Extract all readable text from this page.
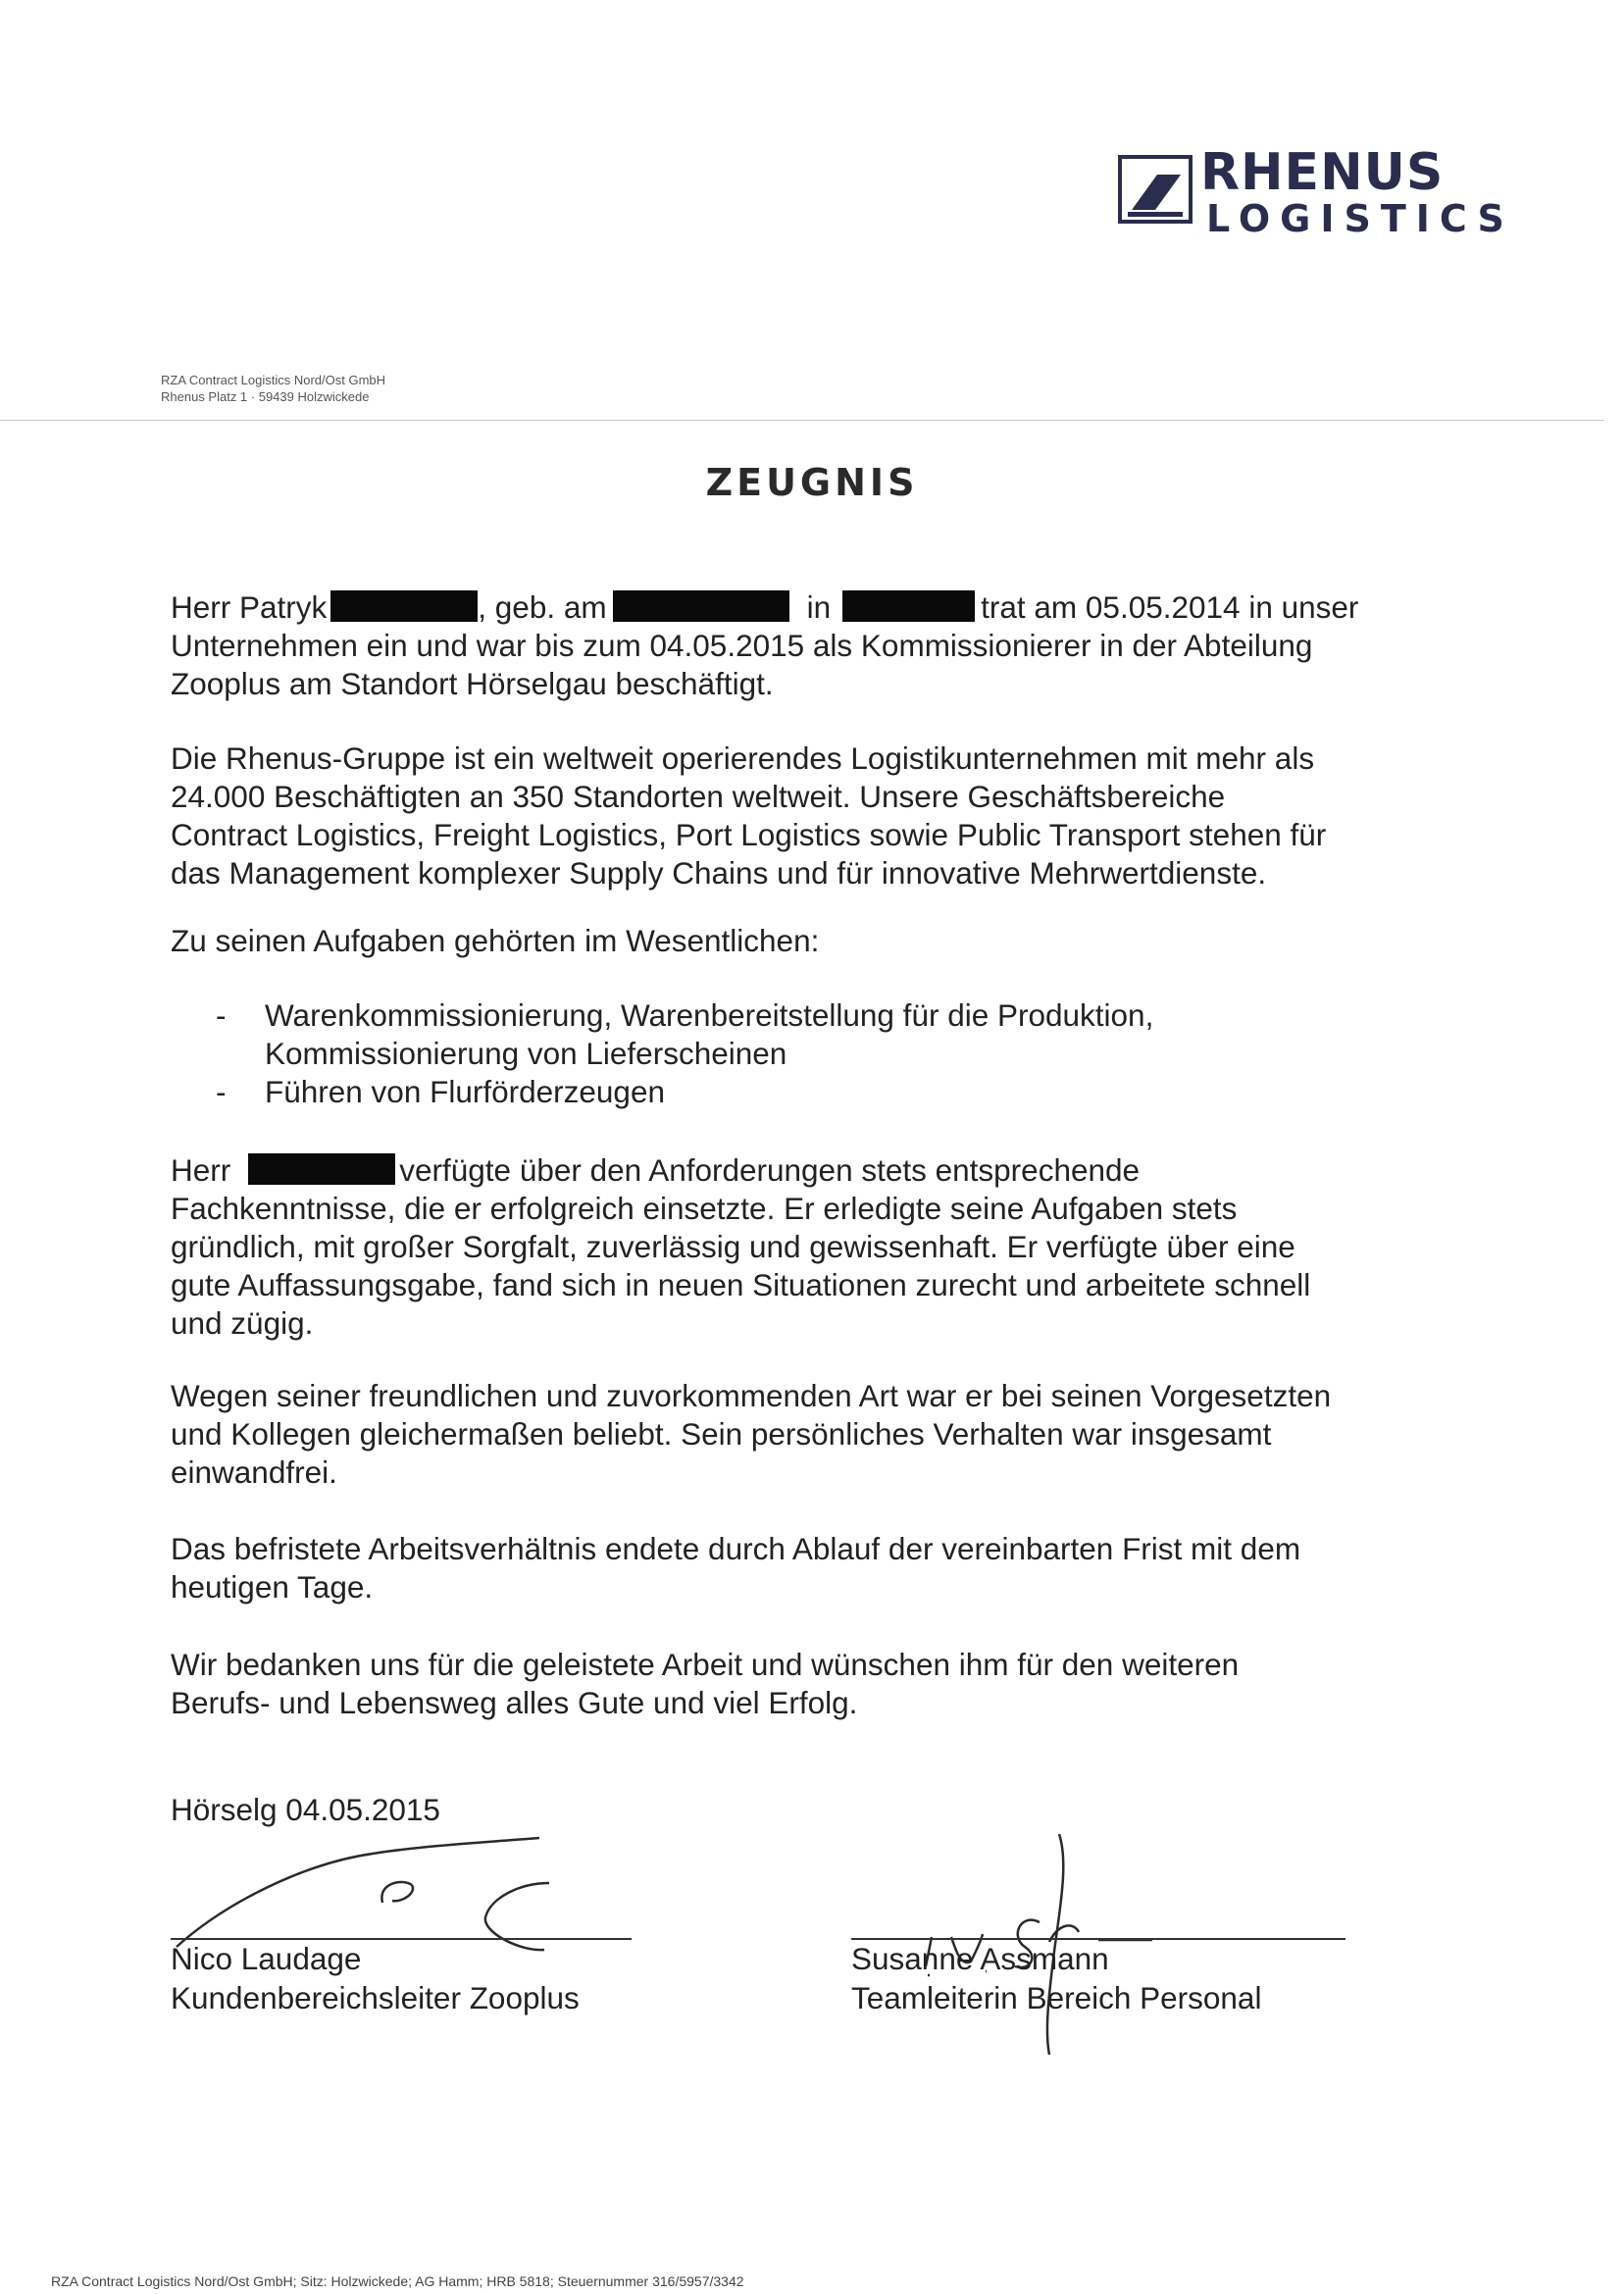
RHENUS
LOGISTICS
RZA Contract Logistics Nord/Ost GmbH
Rhenus Platz 1 · 59439 Holzwickede
ZEUGNIS
Herr Patryk	, geb. am	in	trat am 05.05.2014 in unser
Unternehmen ein und war bis zum 04.05.2015 als Kommissionierer in der Abteilung
Zooplus am Standort Hörselgau beschäftigt.
Die Rhenus-Gruppe ist ein weltweit operierendes Logistikunternehmen mit mehr als
24.000 Beschäftigten an 350 Standorten weltweit. Unsere Geschäftsbereiche
Contract Logistics, Freight Logistics, Port Logistics sowie Public Transport stehen für
das Management komplexer Supply Chains und für innovative Mehrwertdienste.
Zu seinen Aufgaben gehörten im Wesentlichen:
- Warenkommissionierung, Warenbereitstellung für die Produktion,
Kommissionierung von Lieferscheinen
- Führen von Flurförderzeugen
Herr	verfügte über den Anforderungen stets entsprechende
Fachkenntnisse, die er erfolgreich einsetzte. Er erledigte seine Aufgaben stets
gründlich, mit großer Sorgfalt, zuverlässig und gewissenhaft. Er verfügte über eine
gute Auffassungsgabe, fand sich in neuen Situationen zurecht und arbeitete schnell
und zügig.
Wegen seiner freundlichen und zuvorkommenden Art war er bei seinen Vorgesetzten
und Kollegen gleichermaßen beliebt. Sein persönliches Verhalten war insgesamt
einwandfrei.
Das befristete Arbeitsverhältnis endete durch Ablauf der vereinbarten Frist mit dem
heutigen Tage.
Wir bedanken uns für die geleistete Arbeit und wünschen ihm für den weiteren
Berufs- und Lebensweg alles Gute und viel Erfolg.
Hörselg 04.05.2015
Nico Laudage
Kundenbereichsleiter Zooplus
Susanne Assmann
Teamleiterin Bereich Personal
RZA Contract Logistics Nord/Ost GmbH; Sitz: Holzwickede; AG Hamm; HRB 5818; Steuernummer 316/5957/3342
